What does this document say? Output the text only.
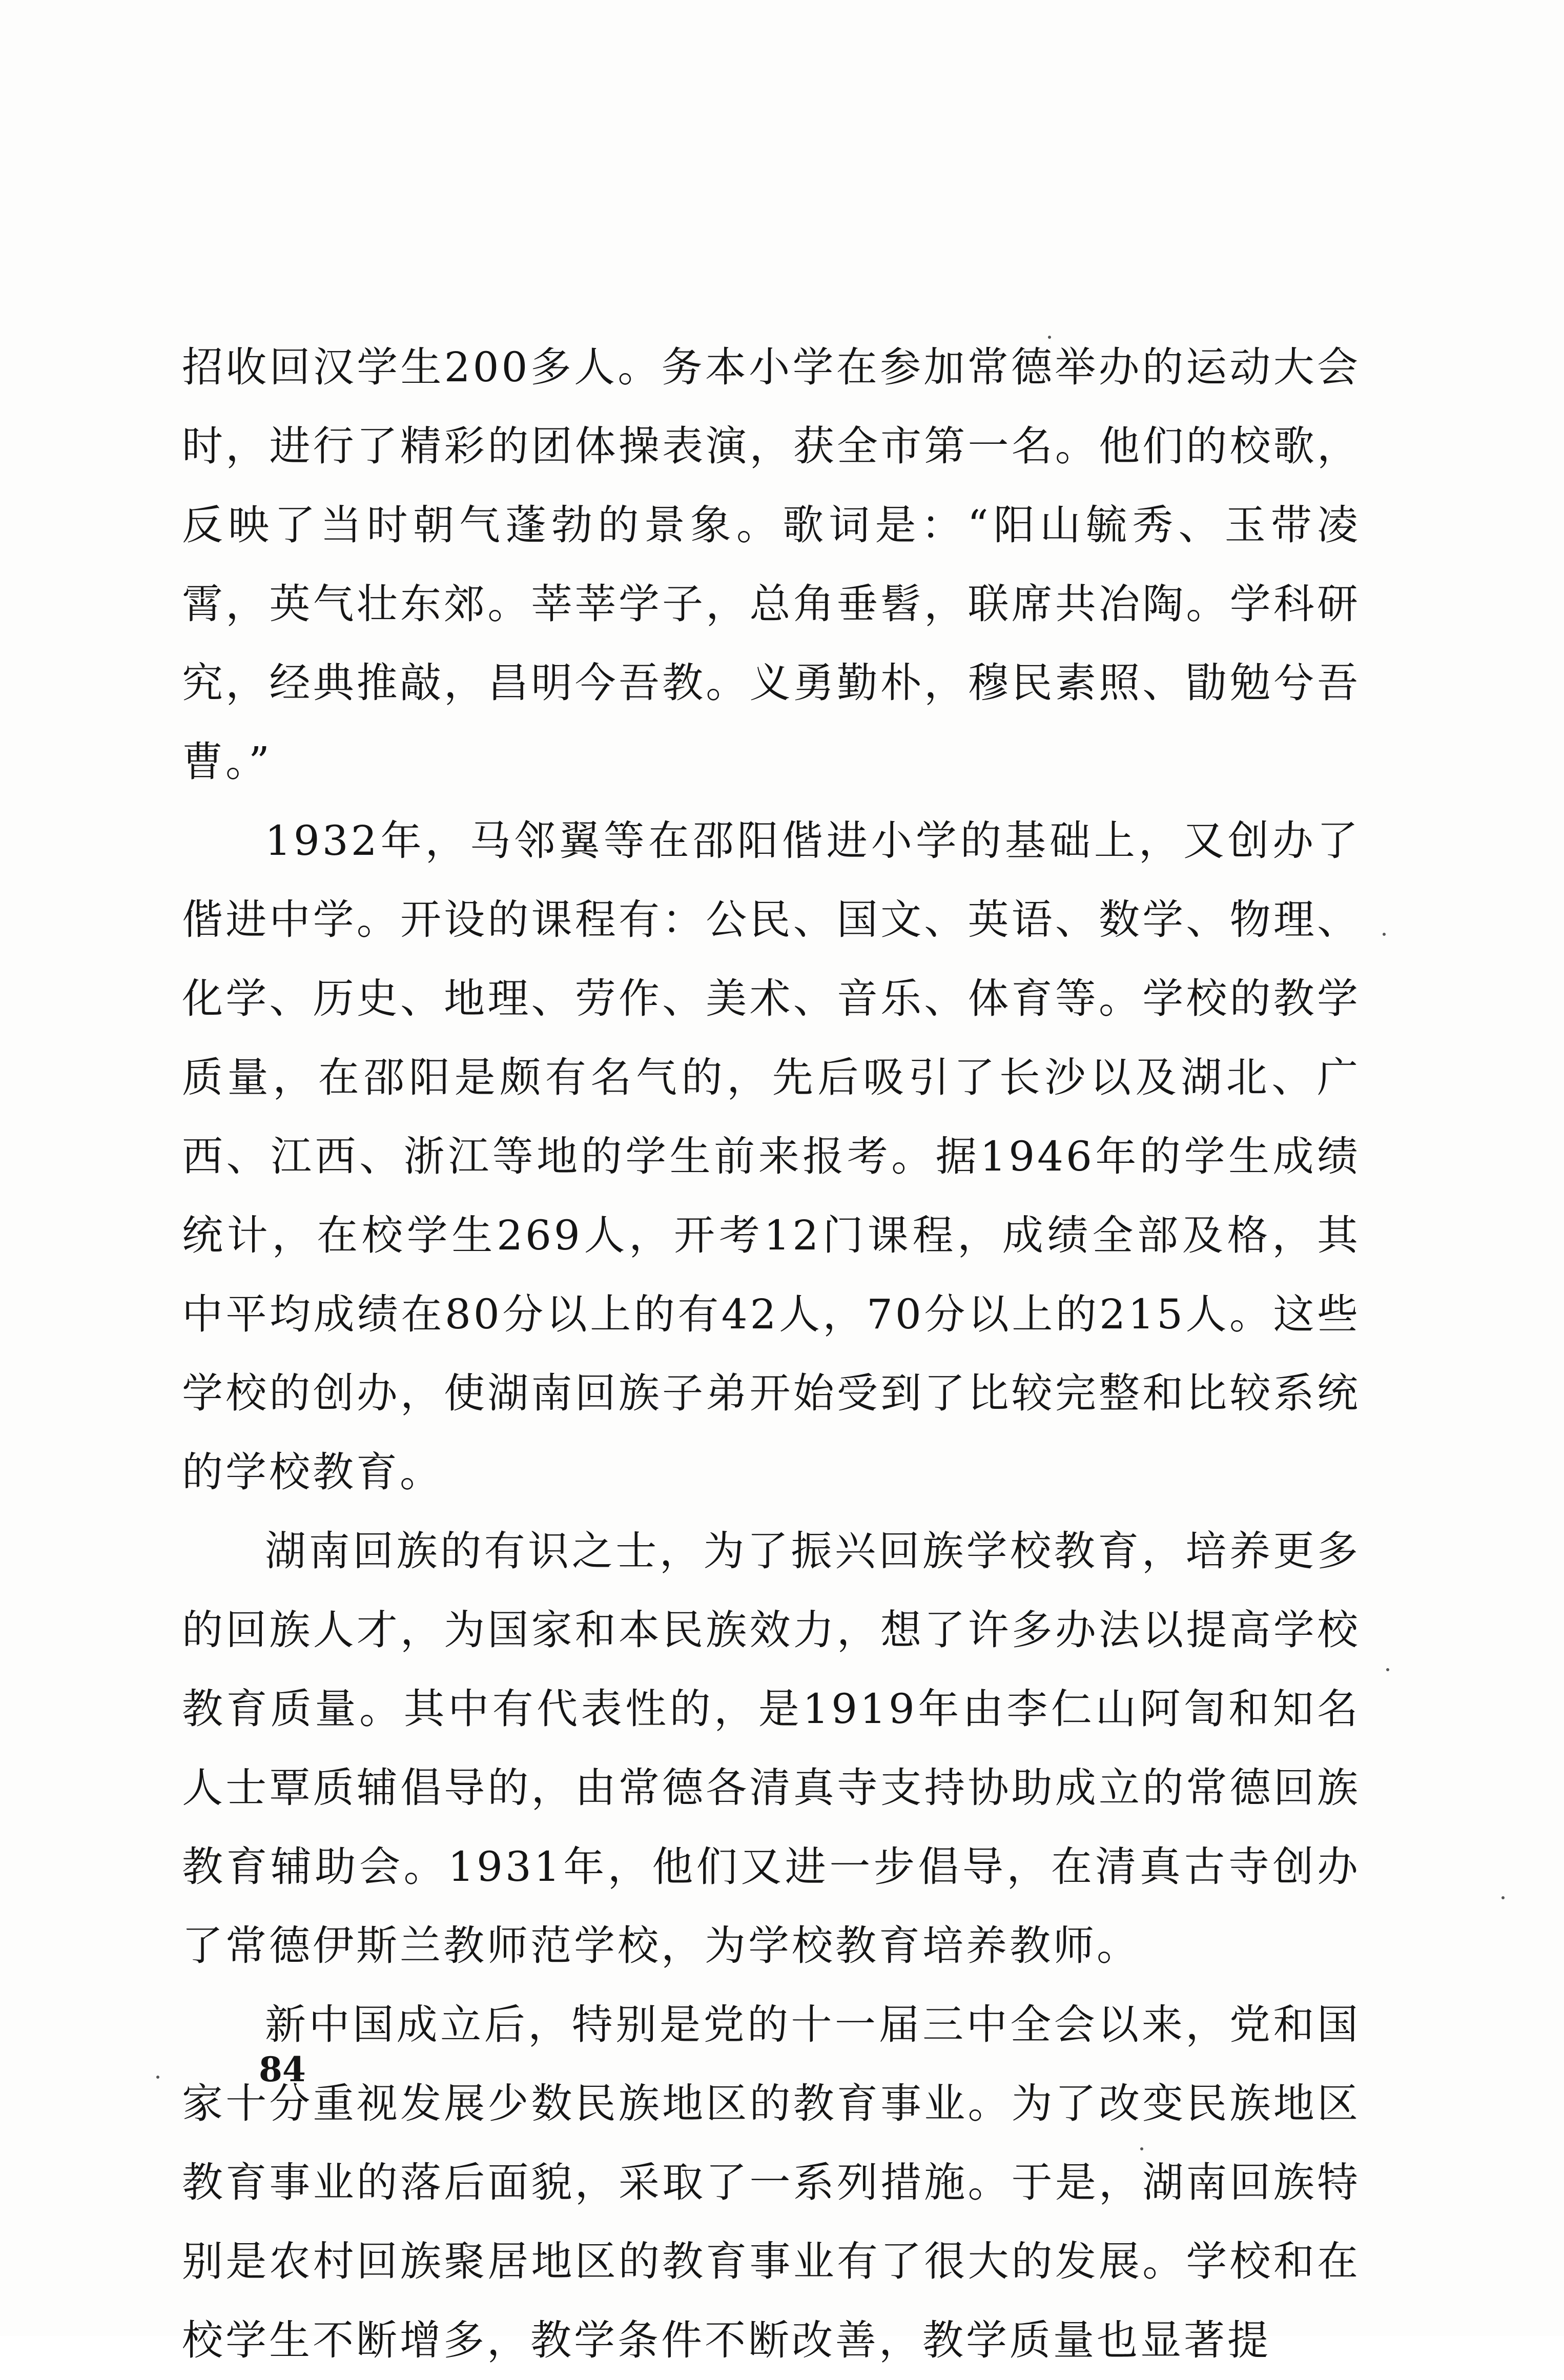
招收回汉学生200多人。务本小学在参加常德举办的运动大会时，进行了精彩的团体操表演，获全市第一名。他们的校歌，反映了当时朝气蓬勃的景象。歌词是：“阳山毓秀、玉带凌霄，英气壮东郊。莘莘学子，总角垂髫，联席共冶陶。学科研究，经典推敲，昌明今吾教。义勇勤朴，穆民素照、勖勉兮吾曹。”

1932年，马邻翼等在邵阳偕进小学的基础上，又创办了偕进中学。开设的课程有：公民、国文、英语、数学、物理、化学、历史、地理、劳作、美术、音乐、体育等。学校的教学质量，在邵阳是颇有名气的，先后吸引了长沙以及湖北、广西、江西、浙江等地的学生前来报考。据1946年的学生成绩统计，在校学生269人，开考12门课程，成绩全部及格，其中平均成绩在80分以上的有42人，70分以上的215人。这些学校的创办，使湖南回族子弟开始受到了比较完整和比较系统的学校教育。

湖南回族的有识之士，为了振兴回族学校教育，培养更多的回族人才，为国家和本民族效力，想了许多办法以提高学校教育质量。其中有代表性的，是1919年由李仁山阿訇和知名人士覃质辅倡导的，由常德各清真寺支持协助成立的常德回族教育辅助会。1931年，他们又进一步倡导，在清真古寺创办了常德伊斯兰教师范学校，为学校教育培养教师。

新中国成立后，特别是党的十一届三中全会以来，党和国家十分重视发展少数民族地区的教育事业。为了改变民族地区教育事业的落后面貌，采取了一系列措施。于是，湖南回族特别是农村回族聚居地区的教育事业有了很大的发展。学校和在校学生不断增多，教学条件不断改善，教学质量也显著提

84
